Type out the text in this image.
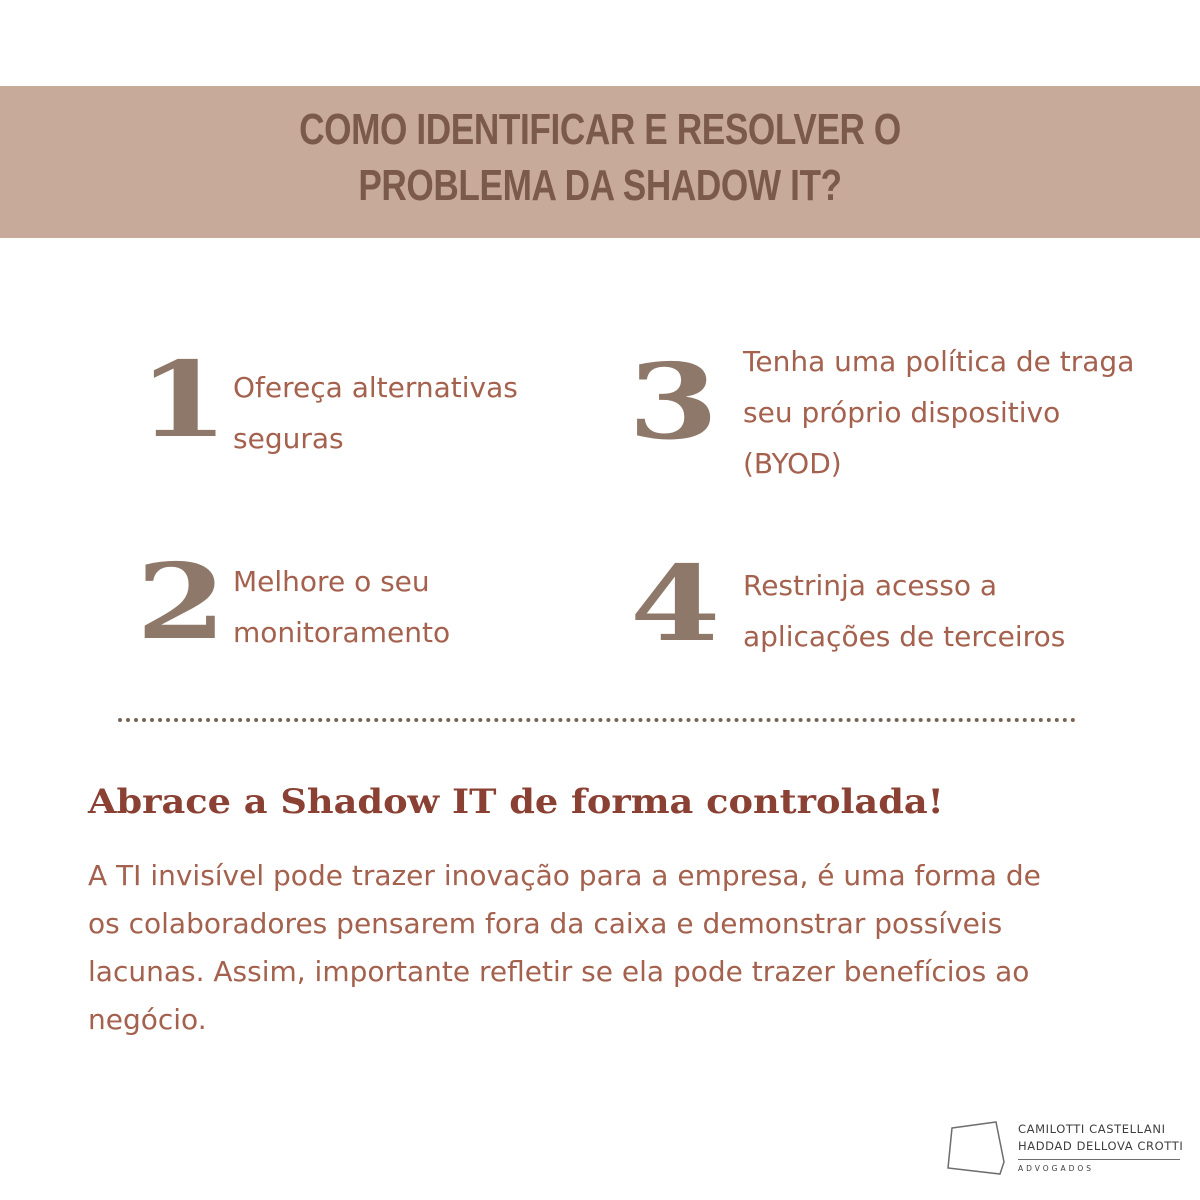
COMO IDENTIFICAR E RESOLVER O
PROBLEMA DA SHADOW IT?
1 Ofereça alternativas
seguras
2 Melhore o seu
monitoramento
3 Tenha uma política de traga
seu próprio dispositivo
(BYOD)
4 Restrinja acesso a
aplicações de terceiros
Abrace a Shadow IT de forma controlada!

A TI invisível pode trazer inovação para a empresa, é uma forma de
os colaboradores pensarem fora da caixa e demonstrar possíveis
lacunas. Assim, importante refletir se ela pode trazer benefícios ao
negócio.

CAMILOTTI CASTELLANI
HADDAD DELLOVA CROTTI
ADVOGADOS
